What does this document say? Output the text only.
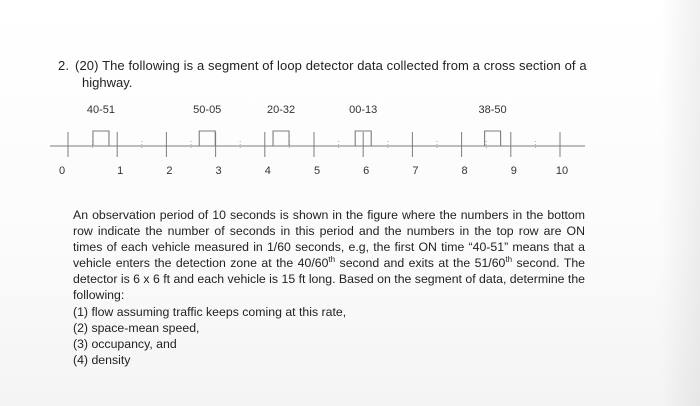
2. (20) The following is a segment of loop detector data collected from a cross section of a
highway.
40-51	50-05	20-32	00-13	38-50
0	1	2	3	4	5	6	7	8	9	10

An observation period of 10 seconds is shown in the figure where the numbers in the bottom row indicate the number of seconds in this period and the numbers in the top row are ON times of each vehicle measured in 1/60 seconds, e.g, the first ON time “40-51” means that a vehicle enters the detection zone at the 40/60th second and exits at the 51/60th second. The detector is 6 x 6 ft and each vehicle is 15 ft long. Based on the segment of data, determine the following:

(1) flow assuming traffic keeps coming at this rate,
(2) space-mean speed,
(3) occupancy, and
(4) density
